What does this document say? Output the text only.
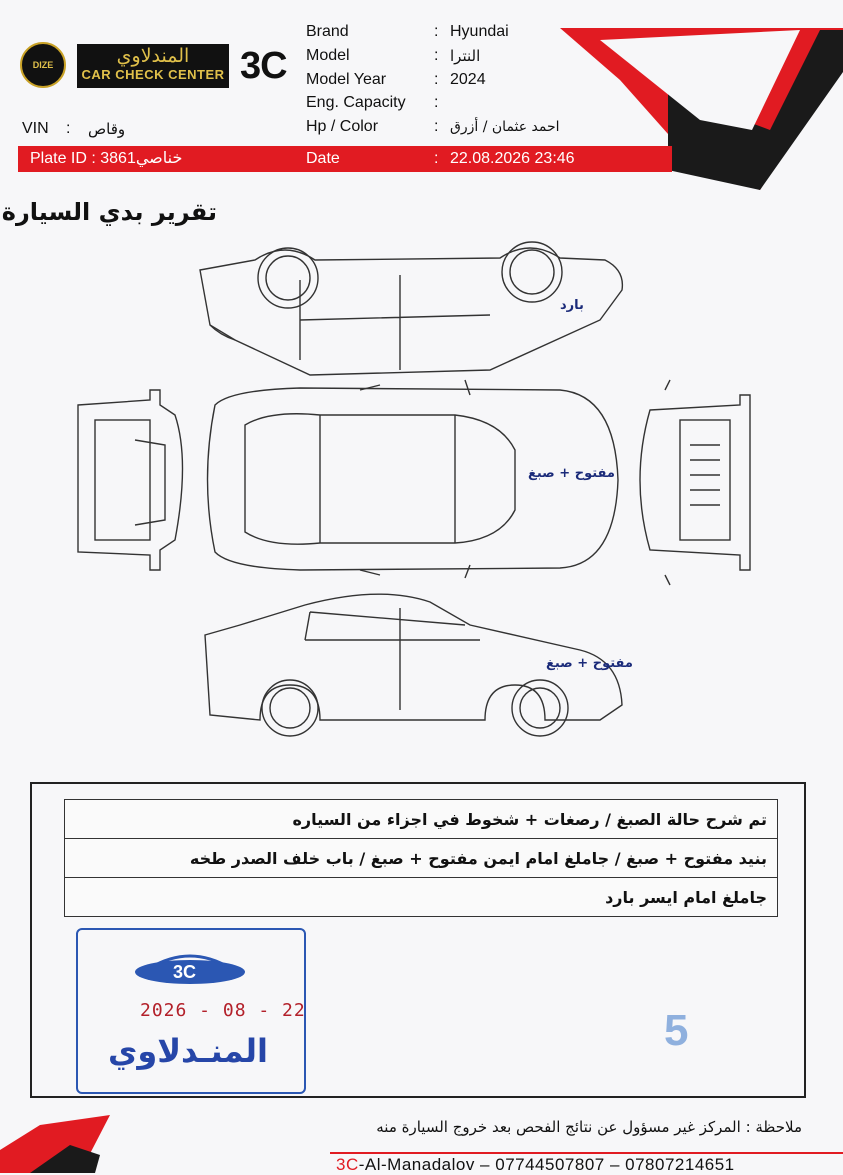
DIZE	المندلاوي
CAR CHECK CENTER 3C
Brand	: Hyundai
Model	: النترا
Model Year	: 2024
Eng. Capacity :
Hp / Color	: احمد عثمان / أزرق
VIN : وقاص
Plate ID : 3861خناصي	Date	: 22.08.2026 23:46
تقرير بدي السيارة
بارد
مفتوح + صبغ
مفتوح + صبغ
تم شرح حالة الصبغ / رصغات + شخوط في اجزاء من السياره
بنيد مفتوح + صبغ / جاملغ امام ايمن مفتوح + صبغ / باب خلف الصدر طخه
جاملغ امام ايسر بارد
3C
2026 - 08 - 22
المنـدلاوي	5
ملاحظة : المركز غير مسؤول عن نتائج الفحص بعد خروج السيارة منه
3C-Al-Manadalov – 07744507807 – 07807214651
